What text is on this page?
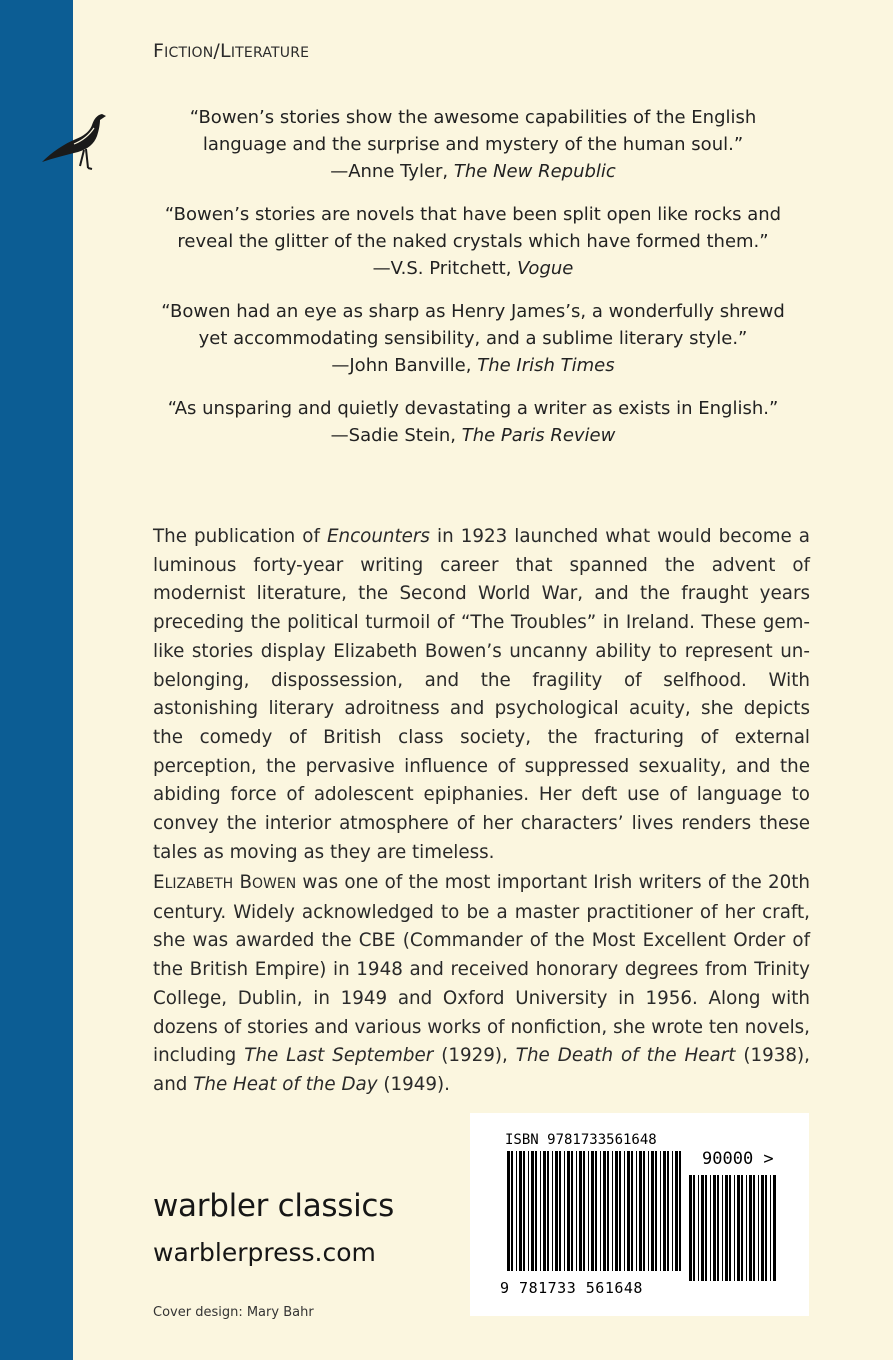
FICTION/LITERATURE

“Bowen’s stories show the awesome capabilities of the English

language and the surprise and mystery of the human soul.”

—Anne Tyler, The New Republic

“Bowen’s stories are novels that have been split open like rocks and

reveal the glitter of the naked crystals which have formed them.”

—V.S. Pritchett, Vogue

“Bowen had an eye as sharp as Henry James’s, a wonderfully shrewd

yet accommodating sensibility, and a sublime literary style.”

—John Banville, The Irish Times

“As unsparing and quietly devastating a writer as exists in English.”

—Sadie Stein, The Paris Review

The publication of Encounters in 1923 launched what would become a luminous forty-year writing career that spanned the advent of modernist literature, the Second World War, and the fraught years preceding the political turmoil of “The Troubles” in Ireland. These gem-like stories display Elizabeth Bowen’s uncanny ability to represent un-belonging, dispossession, and the fragility of selfhood. With astonishing literary adroitness and psychological acuity, she depicts the comedy of British class society, the fracturing of external perception, the pervasive influence of suppressed sexuality, and the abiding force of adolescent epiphanies. Her deft use of language to convey the interior atmosphere of her characters’ lives renders these tales as moving as they are timeless.

ELIZABETH BOWEN was one of the most important Irish writers of the 20th century. Widely acknowledged to be a master practitioner of her craft, she was awarded the CBE (Commander of the Most Excellent Order of the British Empire) in 1948 and received honorary degrees from Trinity College, Dublin, in 1949 and Oxford University in 1956. Along with dozens of stories and various works of nonfiction, she wrote ten novels, including The Last September (1929), The Death of the Heart (1938), and The Heat of the Day (1949).

warbler classics
warblerpress.com
Cover design: Mary Bahr
ISBN 9781733561648
90000 >
9 781733 561648
